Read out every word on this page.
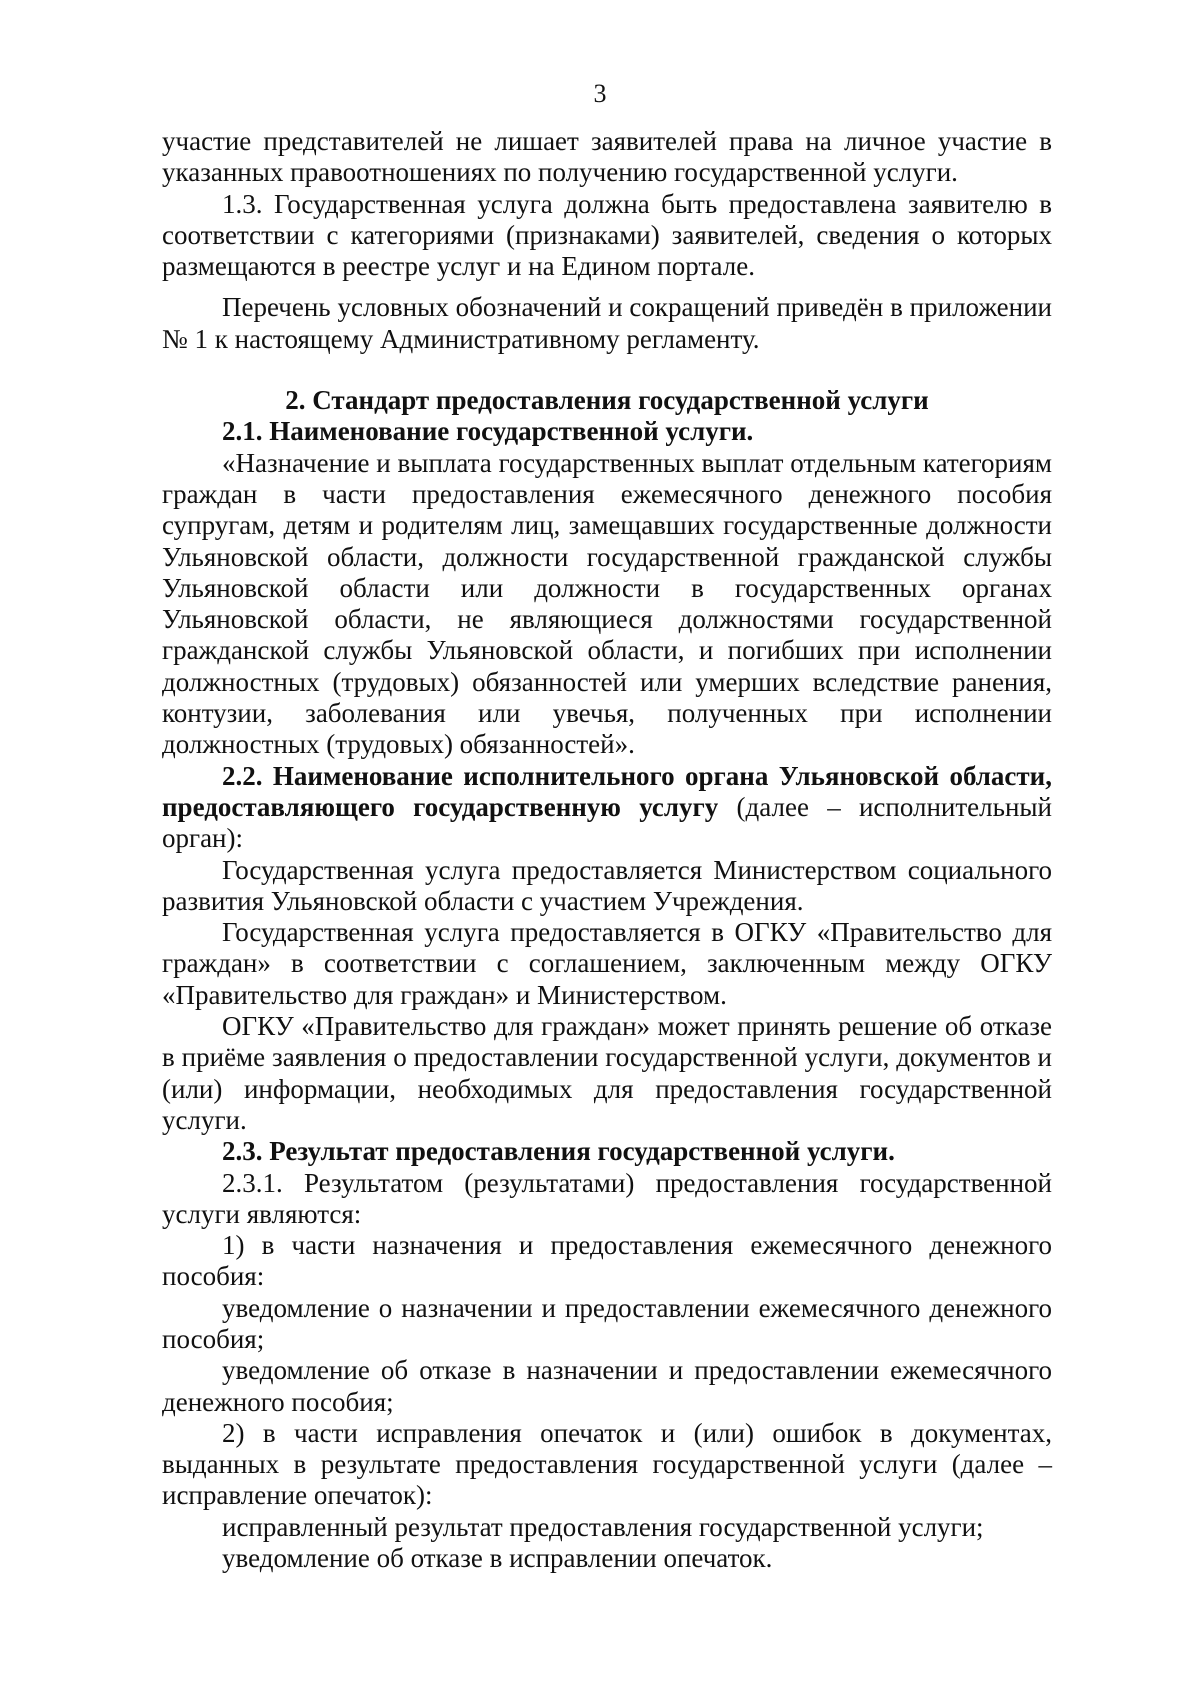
3

участие представителей не лишает заявителей права на личное участие в указанных правоотношениях по получению государственной услуги.

1.3. Государственная услуга должна быть предоставлена заявителю в соответствии с категориями (признаками) заявителей, сведения о которых размещаются в реестре услуг и на Едином портале.

Перечень условных обозначений и сокращений приведён в приложении № 1 к настоящему Административному регламенту.

2. Стандарт предоставления государственной услуги

2.1. Наименование государственной услуги.

«Назначение и выплата государственных выплат отдельным категориям граждан в части предоставления ежемесячного денежного пособия супругам, детям и родителям лиц, замещавших государственные должности Ульяновской области, должности государственной гражданской службы Ульяновской области или должности в государственных органах Ульяновской области, не являющиеся должностями государственной гражданской службы Ульяновской области, и погибших при исполнении должностных (трудовых) обязанностей или умерших вследствие ранения, контузии, заболевания или увечья, полученных при исполнении должностных (трудовых) обязанностей».

2.2. Наименование исполнительного органа Ульяновской области, предоставляющего государственную услугу (далее – исполнительный орган):

Государственная услуга предоставляется Министерством социального развития Ульяновской области с участием Учреждения.

Государственная услуга предоставляется в ОГКУ «Правительство для граждан» в соответствии с соглашением, заключенным между ОГКУ «Правительство для граждан» и Министерством.

ОГКУ «Правительство для граждан» может принять решение об отказе в приёме заявления о предоставлении государственной услуги, документов и (или) информации, необходимых для предоставления государственной услуги.

2.3. Результат предоставления государственной услуги.

2.3.1. Результатом (результатами) предоставления государственной услуги являются:

1) в части назначения и предоставления ежемесячного денежного пособия:

уведомление о назначении и предоставлении ежемесячного денежного пособия;

уведомление об отказе в назначении и предоставлении ежемесячного денежного пособия;

2) в части исправления опечаток и (или) ошибок в документах, выданных в результате предоставления государственной услуги (далее – исправление опечаток):

исправленный результат предоставления государственной услуги;

уведомление об отказе в исправлении опечаток.
